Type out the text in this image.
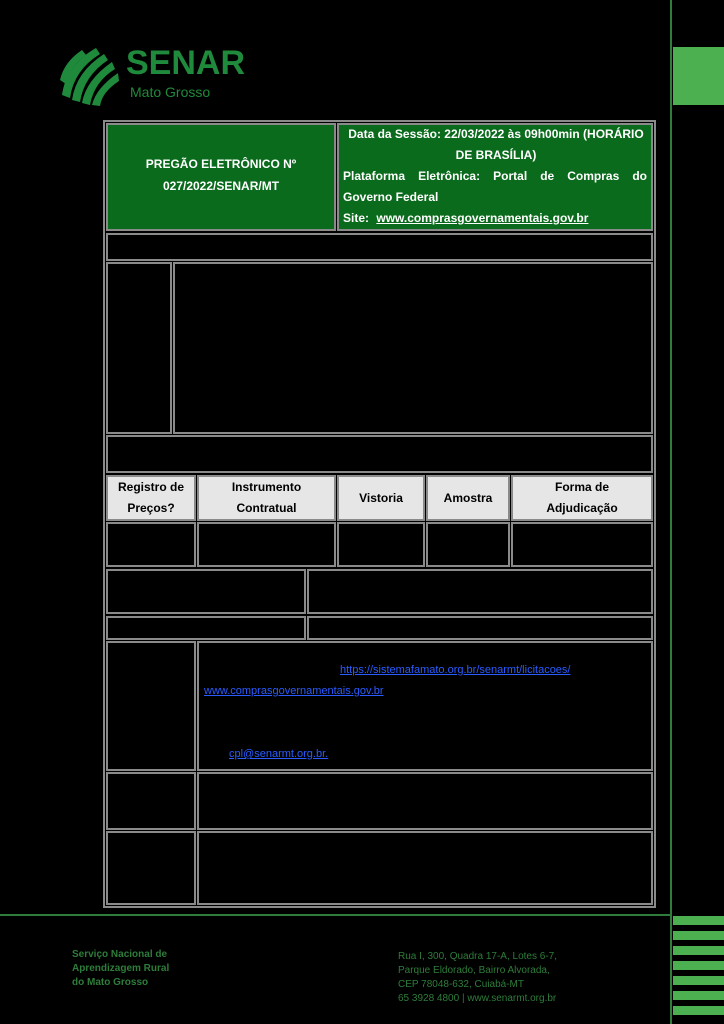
SENAR
Mato Grosso
PREGÃO ELETRÔNICO Nº
027/2022/SENAR/MT
Data da Sessão: 22/03/2022 às 09h00min (HORÁRIO
DE BRASÍLIA)
Plataforma Eletrônica: Portal de Compras do
Governo Federal
Site: www.comprasgovernamentais.gov.br
Registro de
Preços?
Instrumento
Contratual
Vistoria	Amostra
Forma de
Adjudicação
https://sistemafamato.org.br/senarmt/licitacoes/
www.comprasgovernamentais.gov.br
cpl@senarmt.org.br.
Serviço Nacional de
Aprendizagem Rural
do Mato Grosso
Rua I, 300, Quadra 17-A, Lotes 6-7,
Parque Eldorado, Bairro Alvorada,
CEP 78048-632, Cuiabá-MT
65 3928 4800 | www.senarmt.org.br
